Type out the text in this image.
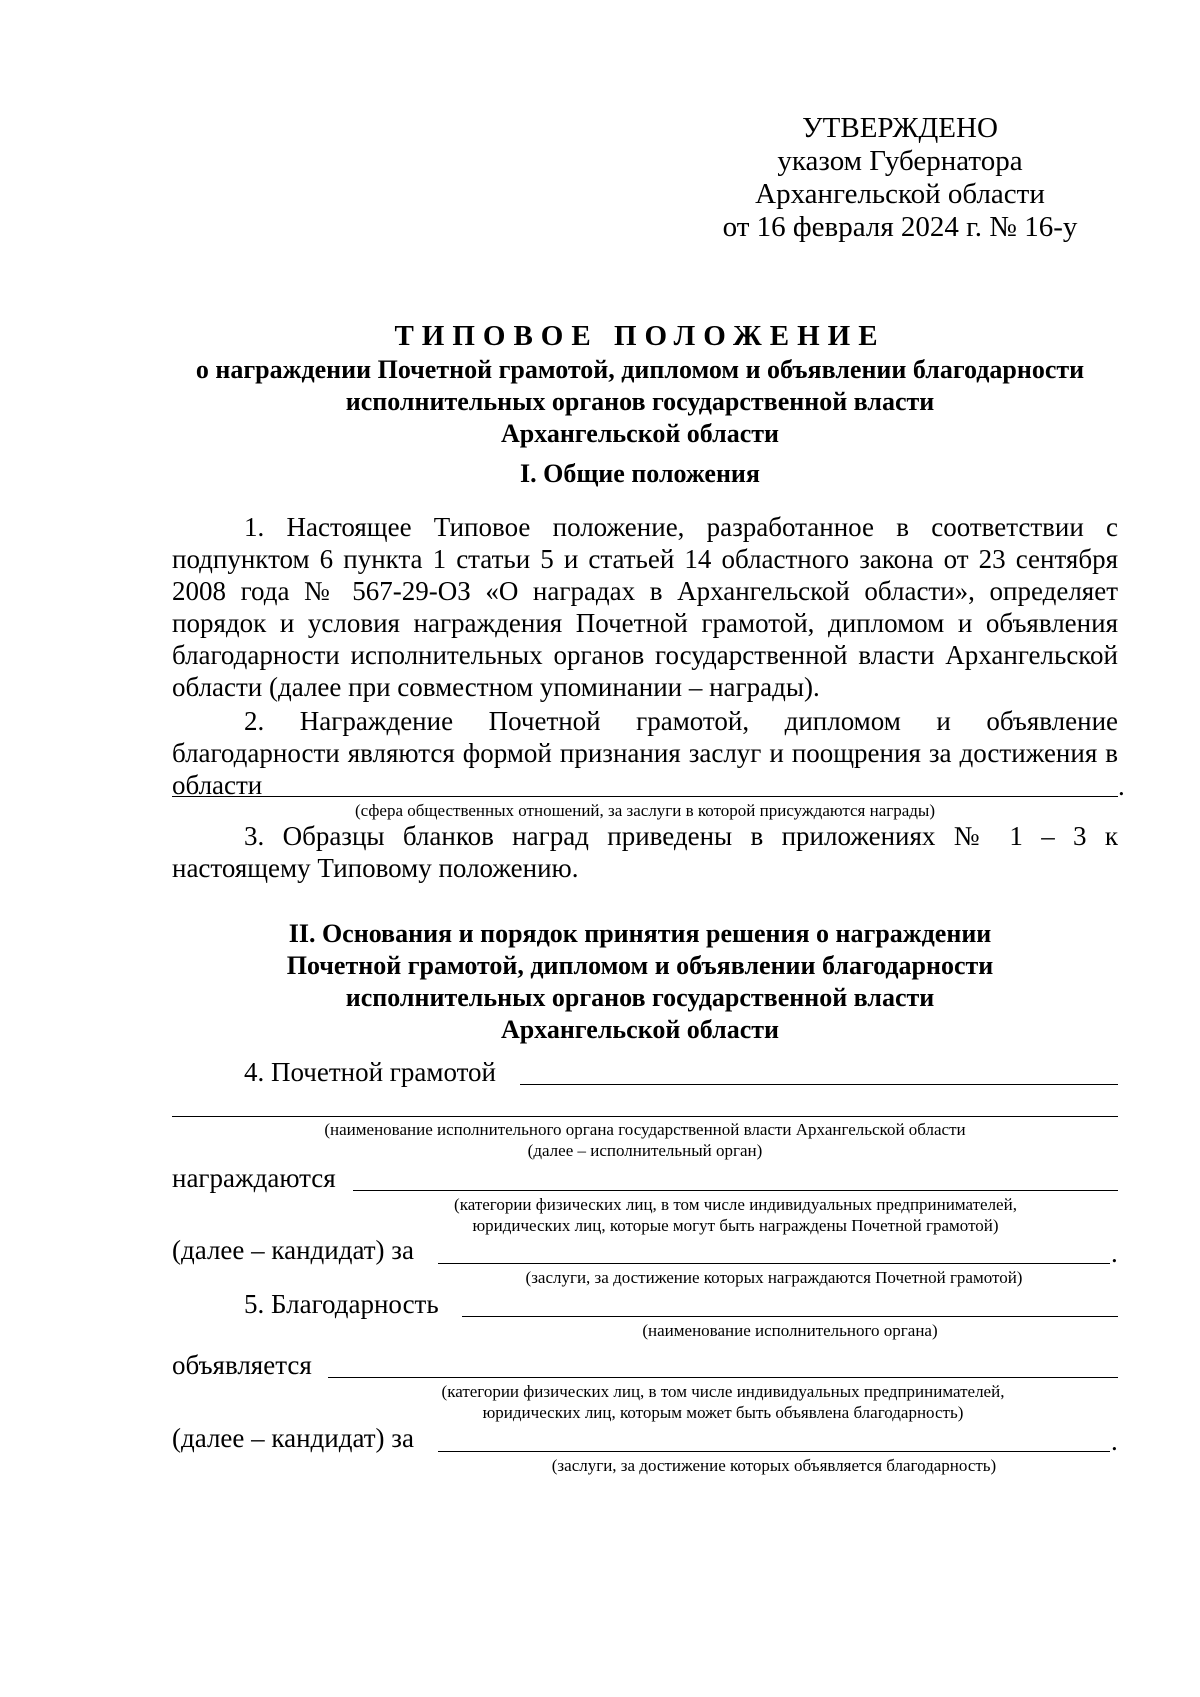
УТВЕРЖДЕНО
указом Губернатора
Архангельской области
от 16 февраля 2024 г. № 16-у
ТИПОВОЕ ПОЛОЖЕНИЕ
о награждении Почетной грамотой, дипломом и объявлении благодарности
исполнительных органов государственной власти
Архангельской области
I. Общие положения
1. Настоящее Типовое положение, разработанное в соответствии с подпунктом 6 пункта 1 статьи 5 и статьей 14 областного закона от 23 сентября 2008 года № 567-29-ОЗ «О наградах в Архангельской области», определяет порядок и условия награждения Почетной грамотой, дипломом и объявления благодарности исполнительных органов государственной власти Архангельской области (далее при совместном упоминании – награды).
2. Награждение Почетной грамотой, дипломом и объявление благодарности являются формой признания заслуг и поощрения за достижения в области	.
(сфера общественных отношений, за заслуги в которой присуждаются награды)
3. Образцы бланков наград приведены в приложениях № 1 – 3 к настоящему Типовому положению.
II. Основания и порядок принятия решения о награждении
Почетной грамотой, дипломом и объявлении благодарности
исполнительных органов государственной власти
Архангельской области
4. Почетной грамотой
(наименование исполнительного органа государственной власти Архангельской области
(далее – исполнительный орган)
награждаются
(категории физических лиц, в том числе индивидуальных предпринимателей,
юридических лиц, которые могут быть награждены Почетной грамотой)
(далее – кандидат) за	.
(заслуги, за достижение которых награждаются Почетной грамотой)
5. Благодарность
(наименование исполнительного органа)
объявляется
(категории физических лиц, в том числе индивидуальных предпринимателей,
юридических лиц, которым может быть объявлена благодарность)
(далее – кандидат) за	.
(заслуги, за достижение которых объявляется благодарность)
